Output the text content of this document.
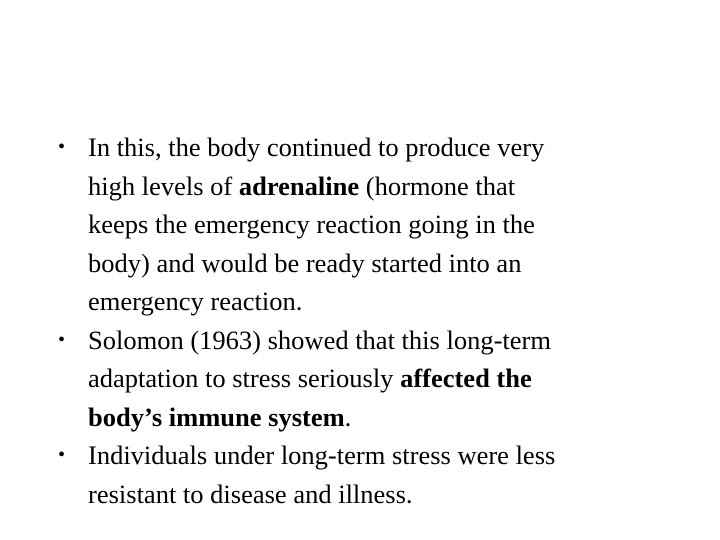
• In this, the body continued to produce very
high levels of adrenaline (hormone that
keeps the emergency reaction going in the
body) and would be ready started into an
emergency reaction.
• Solomon (1963) showed that this long-term
adaptation to stress seriously affected the
body’s immune system.
• Individuals under long-term stress were less
resistant to disease and illness.
